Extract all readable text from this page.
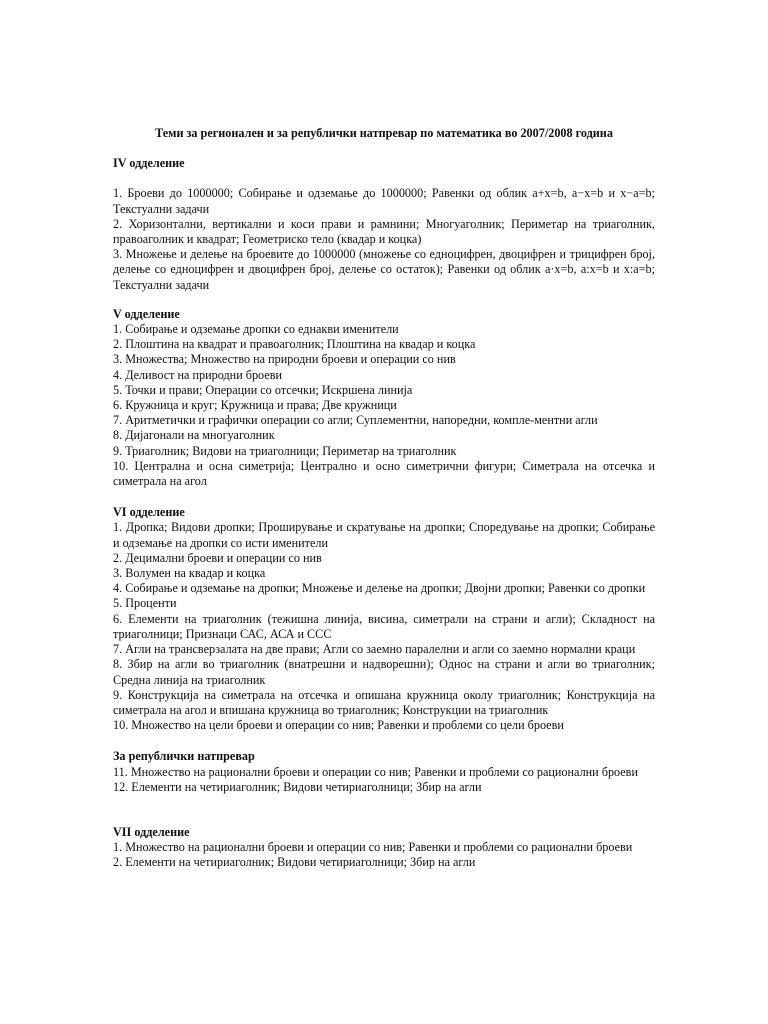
Теми за регионален и за републички натпревар по математика во 2007/2008 година

IV одделение

1. Броеви до 1000000; Собирање и одземање до 1000000; Равенки од облик a+x=b, a−x=b и x−a=b; Текстуални задачи
2. Хоризонтални, вертикални и коси прави и рамнини; Многуаголник; Периметар на триаголник, правоаголник и квадрат; Геометриско тело (квадар и коцка)
3. Множење и делење на броевите до 1000000 (множење со едноцифрен, двоцифрен и трицифрен број, делење со едноцифрен и двоцифрен број, делење со остаток); Равенки од облик a·x=b, a:x=b и x:a=b; Текстуални задачи

V одделение

1. Собирање и одземање дропки со еднакви именители
2. Плоштина на квадрат и правоаголник; Плоштина на квадар и коцка
3. Множества; Множество на природни броеви и операции со нив
4. Деливост на природни броеви
5. Точки и прави; Операции со отсечки; Искршена линија
6. Кружница и круг; Кружница и права; Две кружници
7. Аритметички и графички операции со агли; Суплементни, напоредни, компле-ментни агли
8. Дијагонали на многуаголник
9. Триаголник; Видови на триаголници; Периметар на триаголник
10. Централна и осна симетрија; Централно и осно симетрични фигури; Симетрала на отсечка и симетрала на агол

VI одделение

1. Дропка; Видови дропки; Проширување и скратување на дропки; Споредување на дропки; Собирање и одземање на дропки со исти именители
2. Децимални броеви и операции со нив
3. Волумен на квадар и коцка
4. Собирање и одземање на дропки; Множење и делење на дропки; Двојни дропки; Равенки со дропки
5. Проценти
6. Елементи на триаголник (тежишна линија, висина, симетрали на страни и агли); Складност на триаголници; Признаци САС, АСА и ССС
7. Агли на трансверзалата на две прави; Агли со заемно паралелни и агли со заемно нормални краци
8. Збир на агли во триаголник (внатрешни и надворешни); Однос на страни и агли во триаголник; Средна линија на триаголник
9. Конструкција на симетрала на отсечка и опишана кружница околу триаголник; Конструкција на симетрала на агол и впишана кружница во триаголник; Конструкции на триаголник
10. Множество на цели броеви и операции со нив; Равенки и проблеми со цели броеви

За републички натпревар

11. Множество на рационални броеви и операции со нив; Равенки и проблеми со рационални броеви
12. Елементи на четириаголник; Видови четириаголници; Збир на агли

VII одделение

1. Множество на рационални броеви и операции со нив; Равенки и проблеми со рационални броеви
2. Елементи на четириаголник; Видови четириаголници; Збир на агли
